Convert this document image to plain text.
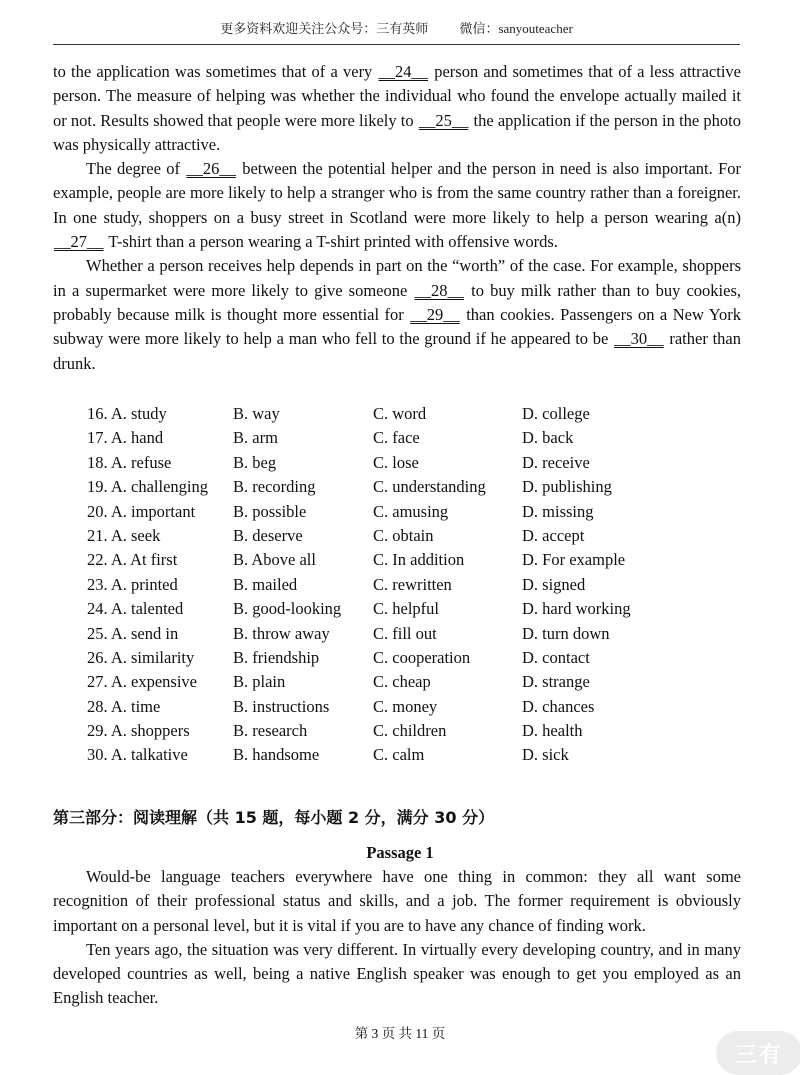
更多资料欢迎关注公众号：三有英师 微信：sanyouteacher

to the application was sometimes that of a very __24__ person and sometimes that of a less attractive person. The measure of helping was whether the individual who found the envelope actually mailed it or not. Results showed that people were more likely to __25__ the application if the person in the photo was physically attractive.

The degree of __26__ between the potential helper and the person in need is also important. For example, people are more likely to help a stranger who is from the same country rather than a foreigner. In one study, shoppers on a busy street in Scotland were more likely to help a person wearing a(n) __27__ T-shirt than a person wearing a T-shirt printed with offensive words.

Whether a person receives help depends in part on the “worth” of the case. For example, shoppers in a supermarket were more likely to give someone __28__ to buy milk rather than to buy cookies, probably because milk is thought more essential for __29__ than cookies. Passengers on a New York subway were more likely to help a man who fell to the ground if he appeared to be __30__ rather than drunk.

16. A. study	B. way	C. word	D. college
17. A. hand	B. arm	C. face	D. back
18. A. refuse	B. beg	C. lose	D. receive
19. A. challenging B. recording	C. understanding D. publishing
20. A. important B. possible	C. amusing	D. missing
21. A. seek	B. deserve	C. obtain	D. accept
22. A. At first	B. Above all	C. In addition	D. For example
23. A. printed	B. mailed	C. rewritten	D. signed
24. A. talented	B. good-looking C. helpful	D. hard working
25. A. send in	B. throw away	C. fill out	D. turn down
26. A. similarity B. friendship	C. cooperation	D. contact
27. A. expensive B. plain	C. cheap	D. strange
28. A. time	B. instructions	C. money	D. chances
29. A. shoppers	B. research	C. children	D. health
30. A. talkative	B. handsome	C. calm	D. sick
第三部分：阅读理解（共 15 题，每小题 2 分，满分 30 分）
Passage 1

Would-be language teachers everywhere have one thing in common: they all want some recognition of their professional status and skills, and a job. The former requirement is obviously important on a personal level, but it is vital if you are to have any chance of finding work.

Ten years ago, the situation was very different. In virtually every developing country, and in many developed countries as well, being a native English speaker was enough to get you employed as an English teacher.

第 3 页 共 11 页
三有
